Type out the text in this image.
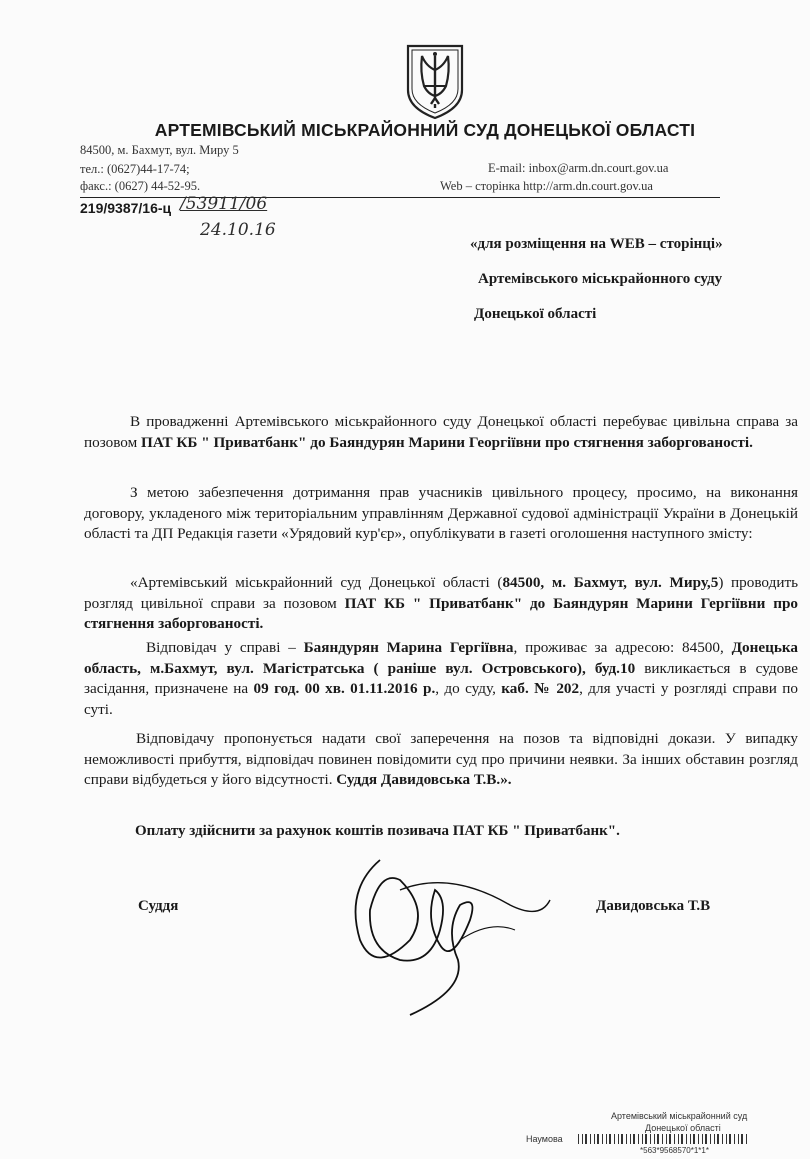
АРТЕМІВСЬКИЙ МІСЬКРАЙОННИЙ СУД ДОНЕЦЬКОЇ ОБЛАСТІ
84500, м. Бахмут, вул. Миру 5
тел.: (0627)44-17-74;
факс.: (0627) 44-52-95.
E-mail: inbox@arm.dn.court.gov.ua
Web – сторінка http://arm.dn.court.gov.ua
219/9387/16-ц /53911/06
24.10.16
«для розміщення на WEB – сторінці»
Артемівського міськрайонного суду
Донецької області

В провадженні Артемівського міськрайонного суду Донецької області перебуває цивільна справа за позовом ПАТ КБ " Приватбанк" до Баяндурян Марини Георгіївни про стягнення заборгованості.

З метою забезпечення дотримання прав учасників цивільного процесу, просимо, на виконання договору, укладеного між територіальним управлінням Державної судової адміністрації України в Донецькій області та ДП Редакція газети «Урядовий кур'єр», опублікувати в газеті оголошення наступного змісту:

«Артемівський міськрайонний суд Донецької області (84500, м. Бахмут, вул. Миру,5) проводить розгляд цивільної справи за позовом ПАТ КБ " Приватбанк" до Баяндурян Марини Гергіївни про стягнення заборгованості.

Відповідач у справі – Баяндурян Марина Гергіївна, проживає за адресою: 84500, Донецька область, м.Бахмут, вул. Магістратська ( раніше вул. Островського), буд.10 викликається в судове засідання, призначене на 09 год. 00 хв. 01.11.2016 р., до суду, каб. № 202, для участі у розгляді справи по суті.

Відповідачу пропонується надати свої заперечення на позов та відповідні докази. У випадку неможливості прибуття, відповідач повинен повідомити суд про причини неявки. За інших обставин розгляд справи відбудеться у його відсутності. Суддя Давидовська Т.В.».

Оплату здійснити за рахунок коштів позивача ПАТ КБ " Приватбанк".
Суддя	Давидовська Т.В
Артемівський міськрайонний суд
Донецької області
Наумова
*563*9568570*1*1*
